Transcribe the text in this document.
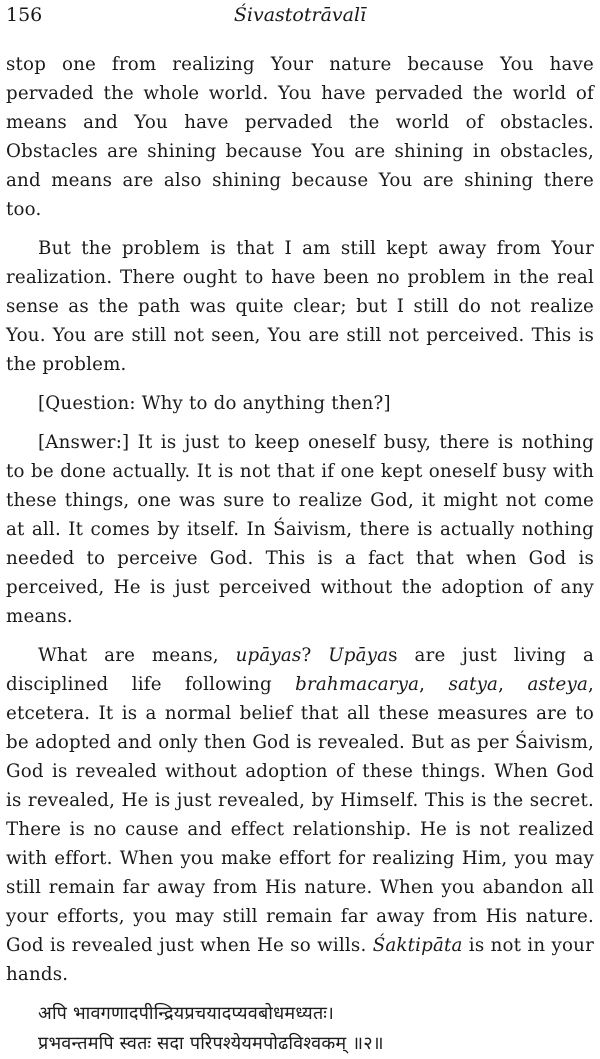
156	Śivastotrāvalī

stop one from realizing Your nature because You have pervaded the whole world. You have pervaded the world of means and You have pervaded the world of obstacles. Obstacles are shining because You are shining in obstacles, and means are also shining because You are shining there too.

But the problem is that I am still kept away from Your realization. There ought to have been no problem in the real sense as the path was quite clear; but I still do not realize You. You are still not seen, You are still not perceived. This is the problem.

[Question: Why to do anything then?]

[Answer:] It is just to keep oneself busy, there is nothing to be done actually. It is not that if one kept oneself busy with these things, one was sure to realize God, it might not come at all. It comes by itself. In Śaivism, there is actually nothing needed to perceive God. This is a fact that when God is perceived, He is just perceived without the adoption of any means.

What are means, upāyas? Upāyas are just living a disciplined life following brahmacarya, satya, asteya, etcetera. It is a normal belief that all these measures are to be adopted and only then God is revealed. But as per Śaivism, God is revealed without adoption of these things. When God is revealed, He is just revealed, by Himself. This is the secret. There is no cause and effect relationship. He is not realized with effort. When you make effort for realizing Him, you may still remain far away from His nature. When you abandon all your efforts, you may still remain far away from His nature. God is revealed just when He so wills. Śaktipāta is not in your hands.

अपि भावगणादपीन्द्रियप्रचयादप्यवबोधमध्यतः।
प्रभवन्तमपि स्वतः सदा परिपश्येयमपोढविश्वकम् ॥२॥
